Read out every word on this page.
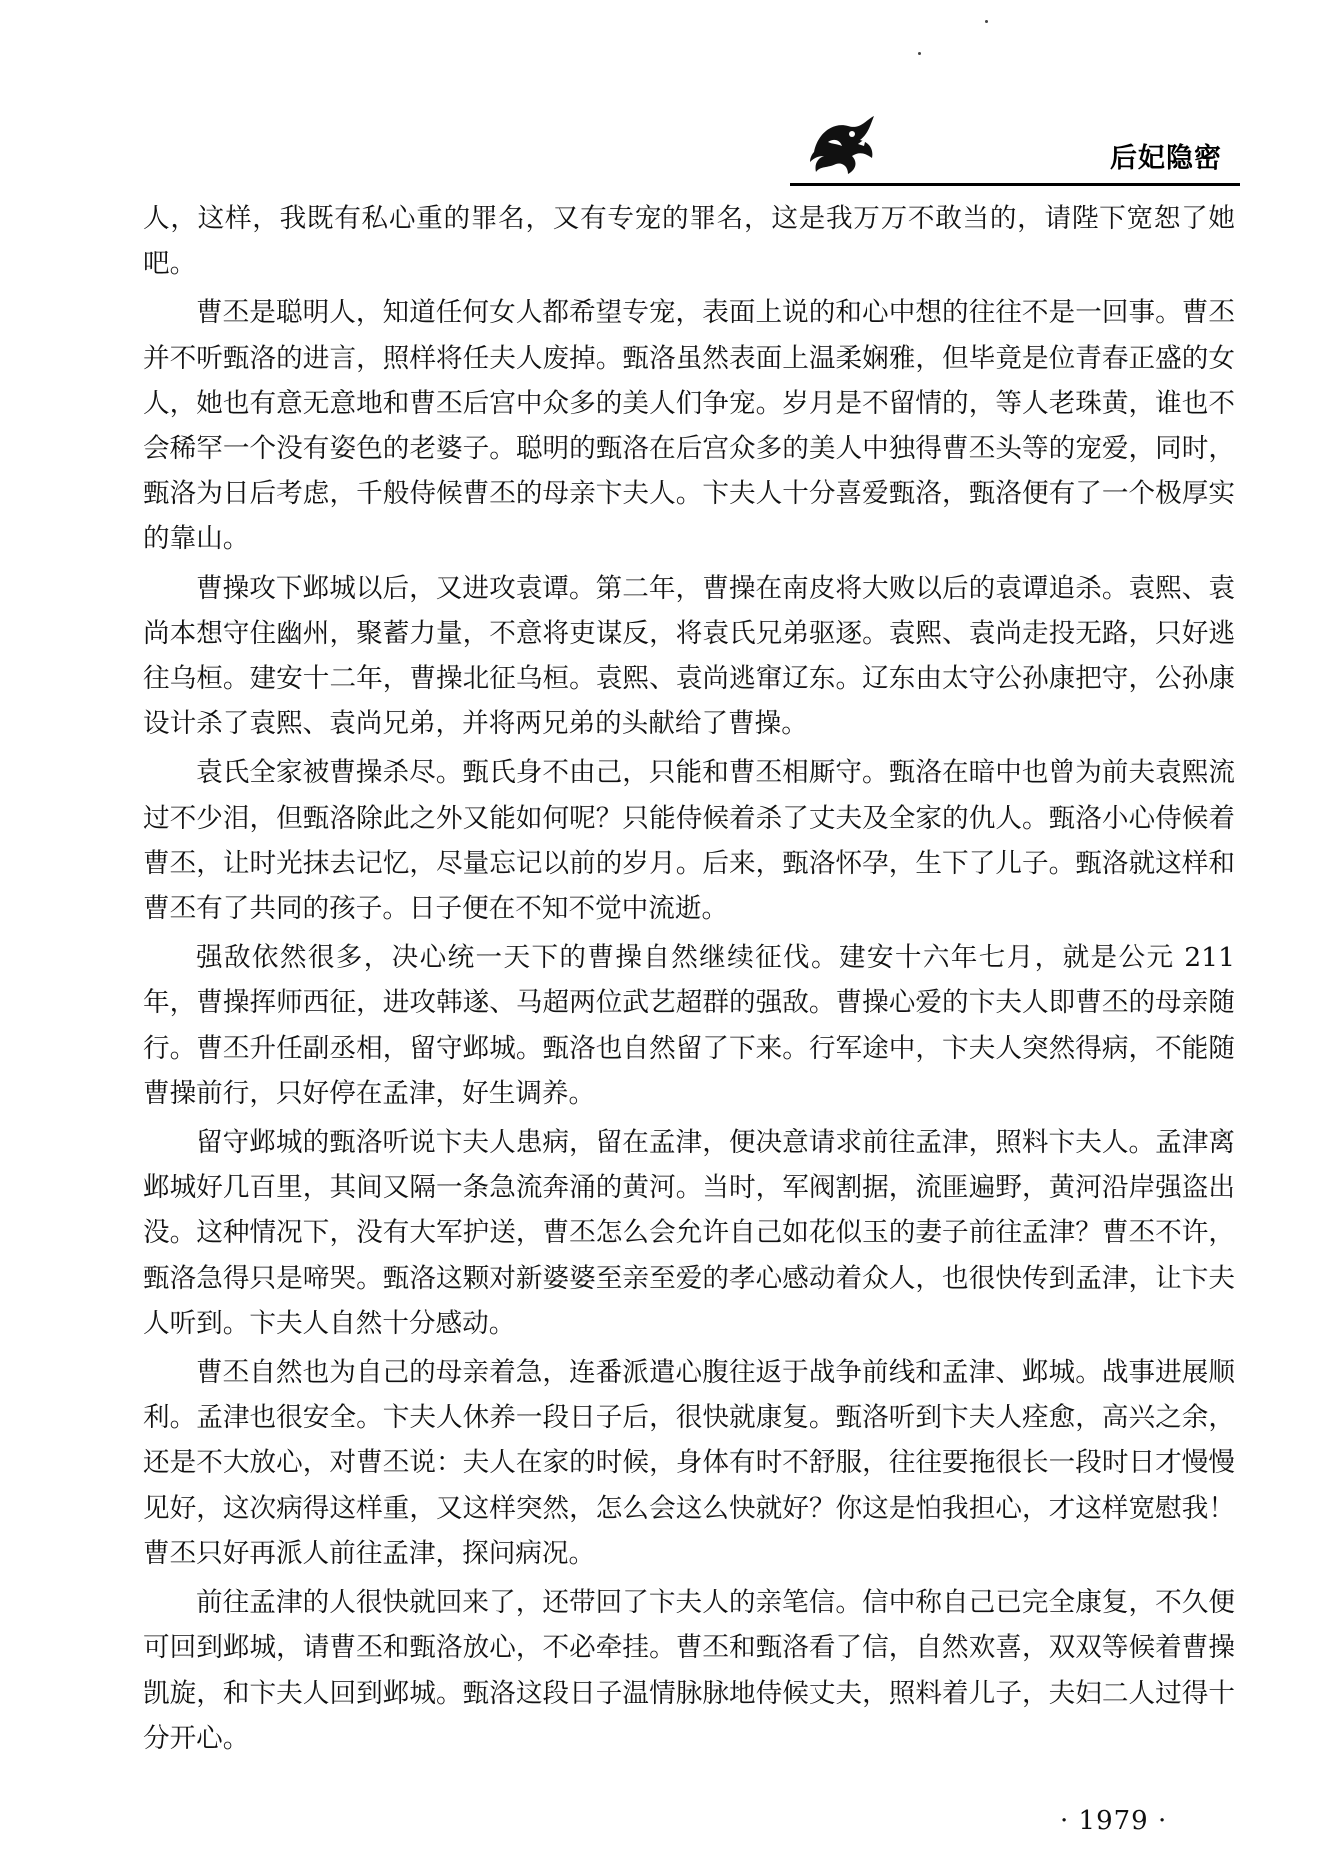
后妃隐密

人，这样，我既有私心重的罪名，又有专宠的罪名，这是我万万不敢当的，请陛下宽恕了她吧。

曹丕是聪明人，知道任何女人都希望专宠，表面上说的和心中想的往往不是一回事。曹丕并不听甄洛的进言，照样将任夫人废掉。甄洛虽然表面上温柔娴雅，但毕竟是位青春正盛的女人，她也有意无意地和曹丕后宫中众多的美人们争宠。岁月是不留情的，等人老珠黄，谁也不会稀罕一个没有姿色的老婆子。聪明的甄洛在后宫众多的美人中独得曹丕头等的宠爱，同时，甄洛为日后考虑，千般侍候曹丕的母亲卞夫人。卞夫人十分喜爱甄洛，甄洛便有了一个极厚实的靠山。

曹操攻下邺城以后，又进攻袁谭。第二年，曹操在南皮将大败以后的袁谭追杀。袁熙、袁尚本想守住幽州，聚蓄力量，不意将吏谋反，将袁氏兄弟驱逐。袁熙、袁尚走投无路，只好逃往乌桓。建安十二年，曹操北征乌桓。袁熙、袁尚逃窜辽东。辽东由太守公孙康把守，公孙康设计杀了袁熙、袁尚兄弟，并将两兄弟的头献给了曹操。

袁氏全家被曹操杀尽。甄氏身不由己，只能和曹丕相厮守。甄洛在暗中也曾为前夫袁熙流过不少泪，但甄洛除此之外又能如何呢？只能侍候着杀了丈夫及全家的仇人。甄洛小心侍候着曹丕，让时光抹去记忆，尽量忘记以前的岁月。后来，甄洛怀孕，生下了儿子。甄洛就这样和曹丕有了共同的孩子。日子便在不知不觉中流逝。

强敌依然很多，决心统一天下的曹操自然继续征伐。建安十六年七月，就是公元 211 年，曹操挥师西征，进攻韩遂、马超两位武艺超群的强敌。曹操心爱的卞夫人即曹丕的母亲随行。曹丕升任副丞相，留守邺城。甄洛也自然留了下来。行军途中，卞夫人突然得病，不能随曹操前行，只好停在孟津，好生调养。

留守邺城的甄洛听说卞夫人患病，留在孟津，便决意请求前往孟津，照料卞夫人。孟津离邺城好几百里，其间又隔一条急流奔涌的黄河。当时，军阀割据，流匪遍野，黄河沿岸强盗出没。这种情况下，没有大军护送，曹丕怎么会允许自己如花似玉的妻子前往孟津？曹丕不许，甄洛急得只是啼哭。甄洛这颗对新婆婆至亲至爱的孝心感动着众人，也很快传到孟津，让卞夫人听到。卞夫人自然十分感动。

曹丕自然也为自己的母亲着急，连番派遣心腹往返于战争前线和孟津、邺城。战事进展顺利。孟津也很安全。卞夫人休养一段日子后，很快就康复。甄洛听到卞夫人痊愈，高兴之余，还是不大放心，对曹丕说：夫人在家的时候，身体有时不舒服，往往要拖很长一段时日才慢慢见好，这次病得这样重，又这样突然，怎么会这么快就好？你这是怕我担心，才这样宽慰我！曹丕只好再派人前往孟津，探问病况。

前往孟津的人很快就回来了，还带回了卞夫人的亲笔信。信中称自己已完全康复，不久便可回到邺城，请曹丕和甄洛放心，不必牵挂。曹丕和甄洛看了信，自然欢喜，双双等候着曹操凯旋，和卞夫人回到邺城。甄洛这段日子温情脉脉地侍候丈夫，照料着儿子，夫妇二人过得十分开心。

· 1979 ·
